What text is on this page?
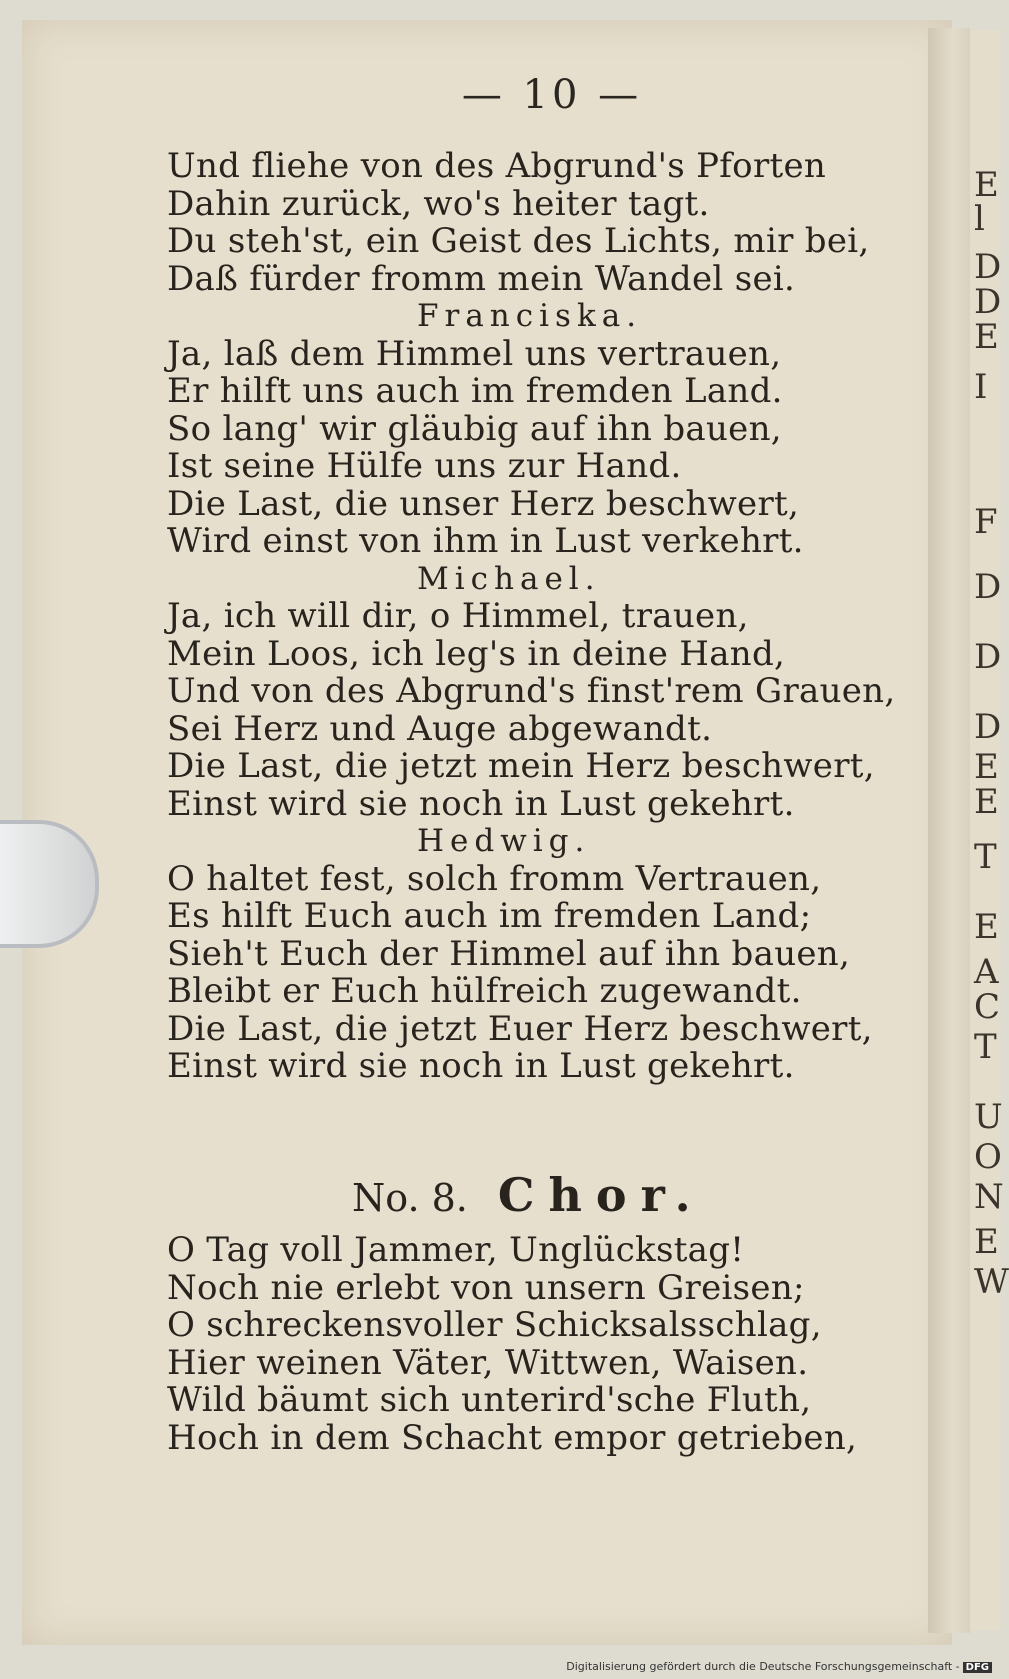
— 10 —
Und fliehe von des Abgrund's Pforten
Dahin zurück, wo's heiter tagt.
Du steh'st, ein Geist des Lichts, mir bei,
Daß fürder fromm mein Wandel sei.
Franciska.
Ja, laß dem Himmel uns vertrauen,
Er hilft uns auch im fremden Land.
So lang' wir gläubig auf ihn bauen,
Ist seine Hülfe uns zur Hand.
Die Last, die unser Herz beschwert,
Wird einst von ihm in Lust verkehrt.
Michael.
Ja, ich will dir, o Himmel, trauen,
Mein Loos, ich leg's in deine Hand,
Und von des Abgrund's finst'rem Grauen,
Sei Herz und Auge abgewandt.
Die Last, die jetzt mein Herz beschwert,
Einst wird sie noch in Lust gekehrt.
Hedwig.
O haltet fest, solch fromm Vertrauen,
Es hilft Euch auch im fremden Land;
Sieh't Euch der Himmel auf ihn bauen,
Bleibt er Euch hülfreich zugewandt.
Die Last, die jetzt Euer Herz beschwert,
Einst wird sie noch in Lust gekehrt.
No. 8. Chor.
O Tag voll Jammer, Unglückstag!
Noch nie erlebt von unsern Greisen;
O schreckensvoller Schicksalsschlag,
Hier weinen Väter, Wittwen, Waisen.
Wild bäumt sich unterird'sche Fluth,
Hoch in dem Schacht empor getrieben,
E
l
D
D
E
I
F
D
D
D
E
E
T
E
A
C
T
U
O
N
E
W
Digitalisierung gefördert durch die Deutsche Forschungsgemeinschaft - DFG
